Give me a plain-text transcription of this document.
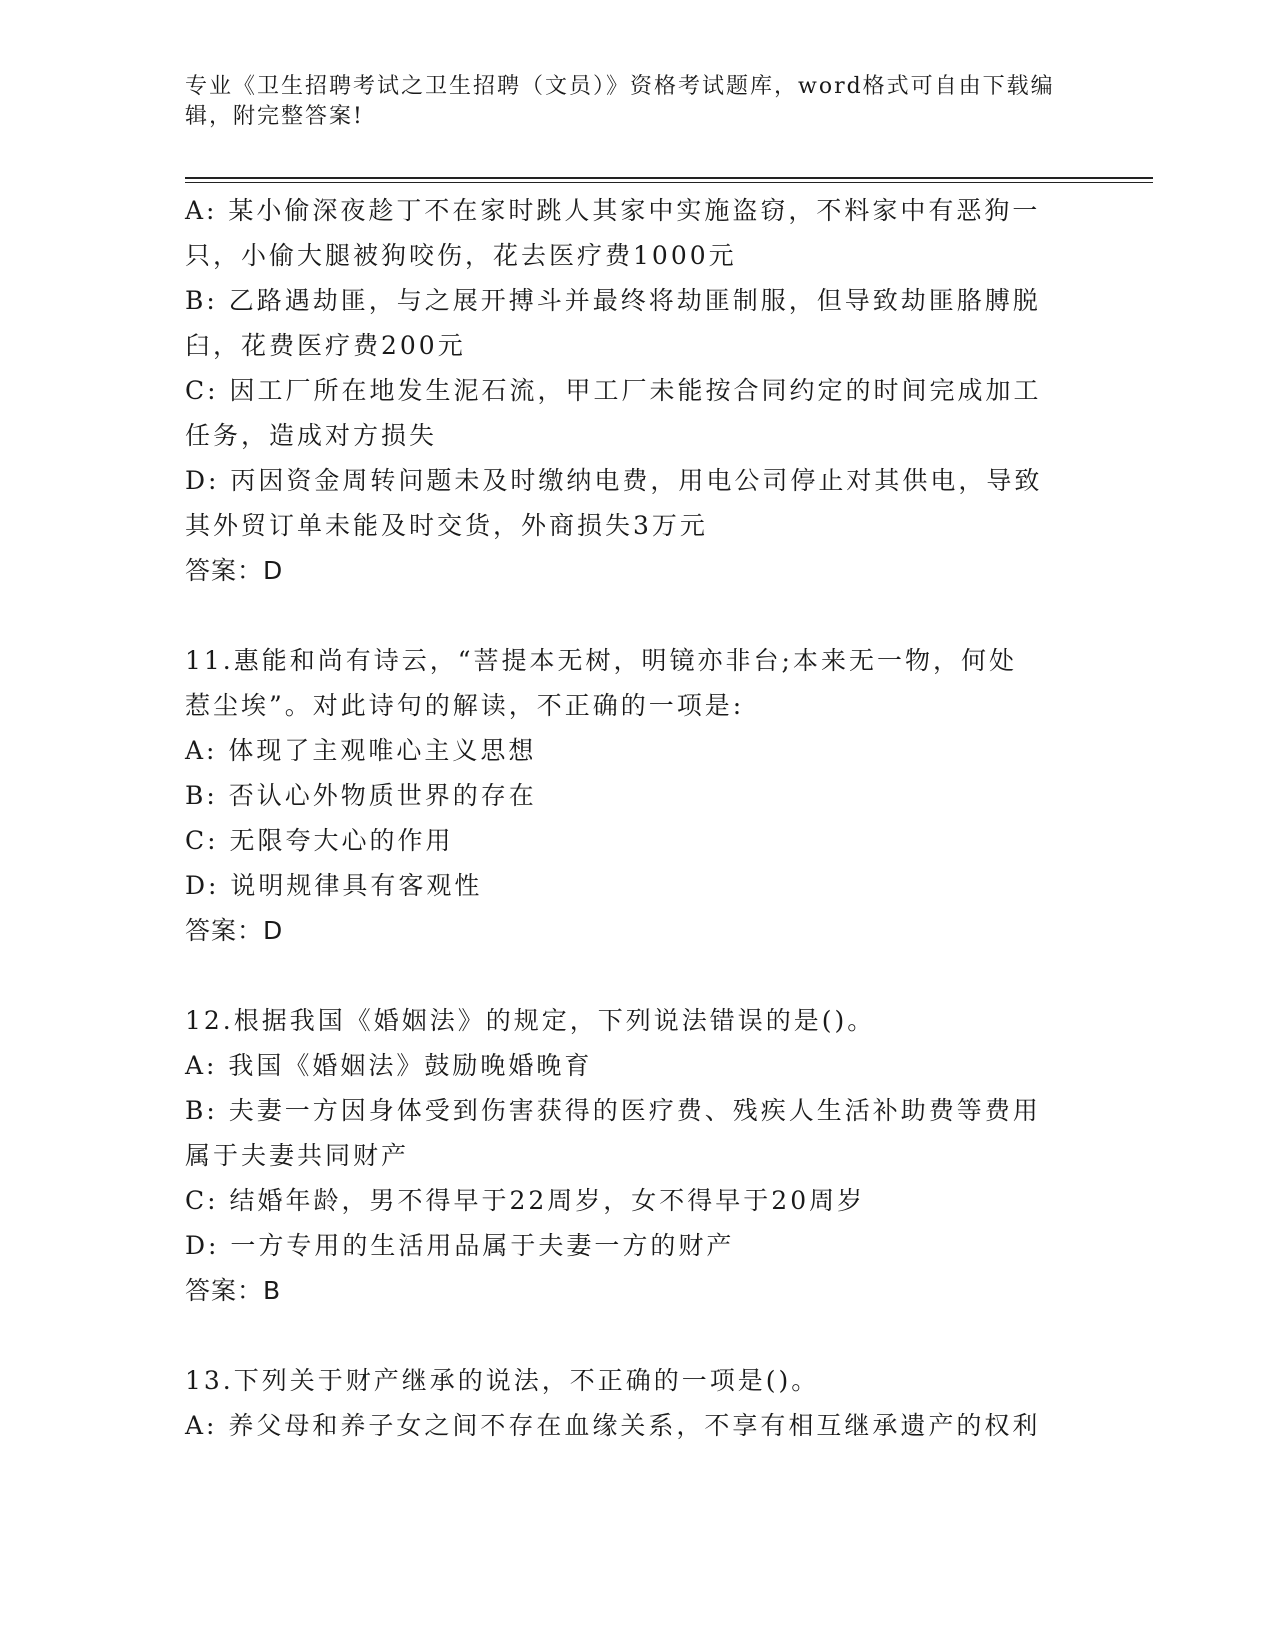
专业《卫生招聘考试之卫生招聘（文员）》资格考试题库，word格式可自由下载编辑，附完整答案!
A: 某小偷深夜趁丁不在家时跳人其家中实施盗窃，不料家中有恶狗一
只，小偷大腿被狗咬伤，花去医疗费1000元
B: 乙路遇劫匪，与之展开搏斗并最终将劫匪制服，但导致劫匪胳膊脱
臼，花费医疗费200元
C: 因工厂所在地发生泥石流，甲工厂未能按合同约定的时间完成加工
任务，造成对方损失
D: 丙因资金周转问题未及时缴纳电费，用电公司停止对其供电，导致
其外贸订单未能及时交货，外商损失3万元
答案：D
11.惠能和尚有诗云，“菩提本无树，明镜亦非台;本来无一物，何处
惹尘埃”。对此诗句的解读，不正确的一项是:
A: 体现了主观唯心主义思想
B: 否认心外物质世界的存在
C: 无限夸大心的作用
D: 说明规律具有客观性
答案：D
12.根据我国《婚姻法》的规定，下列说法错误的是()。
A: 我国《婚姻法》鼓励晚婚晚育
B: 夫妻一方因身体受到伤害获得的医疗费、残疾人生活补助费等费用
属于夫妻共同财产
C: 结婚年龄，男不得早于22周岁，女不得早于20周岁
D: 一方专用的生活用品属于夫妻一方的财产
答案：B
13.下列关于财产继承的说法，不正确的一项是()。
A: 养父母和养子女之间不存在血缘关系，不享有相互继承遗产的权利
